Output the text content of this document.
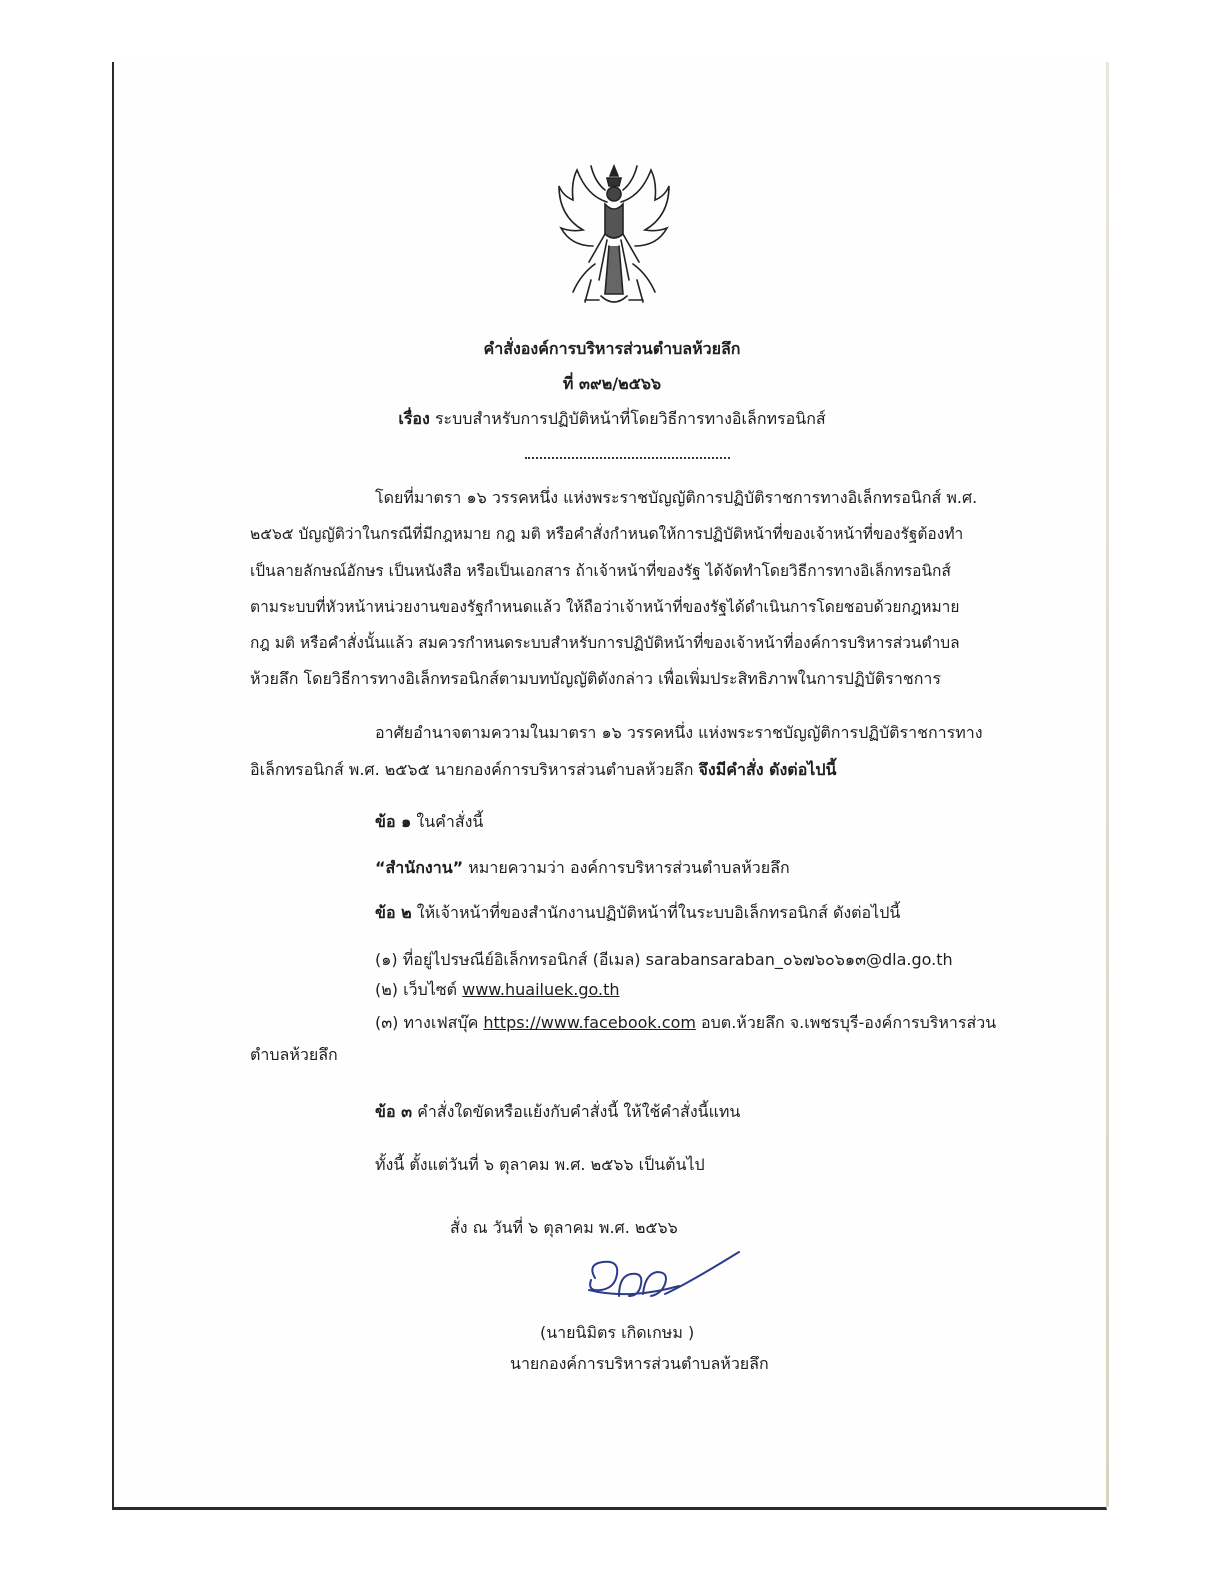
คำสั่งองค์การบริหารส่วนตำบลห้วยลึก
ที่ ๓๙๒/๒๕๖๖
เรื่อง ระบบสำหรับการปฏิบัติหน้าที่โดยวิธีการทางอิเล็กทรอนิกส์
โดยที่มาตรา ๑๖ วรรคหนึ่ง แห่งพระราชบัญญัติการปฏิบัติราชการทางอิเล็กทรอนิกส์ พ.ศ.
๒๕๖๕ บัญญัติว่าในกรณีที่มีกฎหมาย กฎ มติ หรือคำสั่งกำหนดให้การปฏิบัติหน้าที่ของเจ้าหน้าที่ของรัฐต้องทำ
เป็นลายลักษณ์อักษร เป็นหนังสือ หรือเป็นเอกสาร ถ้าเจ้าหน้าที่ของรัฐ ได้จัดทำโดยวิธีการทางอิเล็กทรอนิกส์
ตามระบบที่หัวหน้าหน่วยงานของรัฐกำหนดแล้ว ให้ถือว่าเจ้าหน้าที่ของรัฐได้ดำเนินการโดยชอบด้วยกฎหมาย
กฎ มติ หรือคำสั่งนั้นแล้ว สมควรกำหนดระบบสำหรับการปฏิบัติหน้าที่ของเจ้าหน้าที่องค์การบริหารส่วนตำบล
ห้วยลึก โดยวิธีการทางอิเล็กทรอนิกส์ตามบทบัญญัติดังกล่าว เพื่อเพิ่มประสิทธิภาพในการปฏิบัติราชการ
อาศัยอำนาจตามความในมาตรา ๑๖ วรรคหนึ่ง แห่งพระราชบัญญัติการปฏิบัติราชการทาง
อิเล็กทรอนิกส์ พ.ศ. ๒๕๖๕ นายกองค์การบริหารส่วนตำบลห้วยลึก จึงมีคำสั่ง ดังต่อไปนี้
ข้อ ๑ ในคำสั่งนี้
“สำนักงาน” หมายความว่า องค์การบริหารส่วนตำบลห้วยลึก
ข้อ ๒ ให้เจ้าหน้าที่ของสำนักงานปฏิบัติหน้าที่ในระบบอิเล็กทรอนิกส์ ดังต่อไปนี้
(๑) ที่อยู่ไปรษณีย์อิเล็กทรอนิกส์ (อีเมล) sarabansaraban_๐๖๗๖๐๖๑๓@dla.go.th
(๒) เว็บไซต์ www.huailuek.go.th
(๓) ทางเฟสบุ๊ค https://www.facebook.com อบต.ห้วยลึก จ.เพชรบุรี-องค์การบริหารส่วน
ตำบลห้วยลึก
ข้อ ๓ คำสั่งใดขัดหรือแย้งกับคำสั่งนี้ ให้ใช้คำสั่งนี้แทน
ทั้งนี้ ตั้งแต่วันที่ ๖ ตุลาคม พ.ศ. ๒๕๖๖ เป็นต้นไป
สั่ง ณ วันที่ ๖ ตุลาคม พ.ศ. ๒๕๖๖
(นายนิมิตร เกิดเกษม )
นายกองค์การบริหารส่วนตำบลห้วยลึก
